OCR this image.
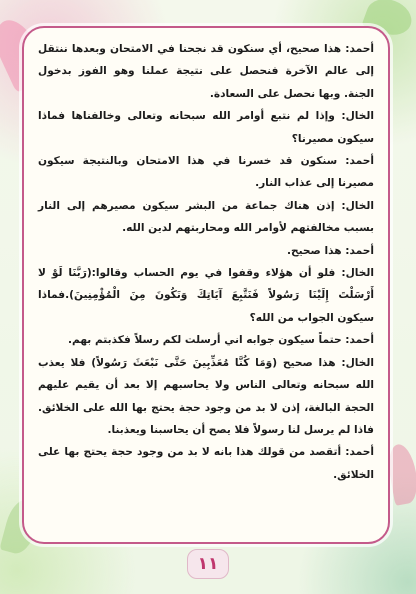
أحمد: هذا صحيح، أي سنكون قد نجحنا في الامتحان وبعدها ننتقل إلى عالم الآخرة فنحصل على نتيجة عملنا وهو الفوز بدخول الجنة. وبها نحصل على السعادة.

الخال: وإذا لم نتبع أوامر الله سبحانه وتعالى وخالفناها فماذا سيكون مصيرنا؟

أحمد: سنكون قد خسرنا في هذا الامتحان وبالنتيجة سيكون مصيرنا إلى عذاب النار.

الخال: إذن هناك جماعة من البشر سيكون مصيرهم إلى النار بسبب مخالفتهم لأوامر الله ومحاربتهم لدين الله.

أحمد: هذا صحيح.

الخال: فلو أن هؤلاء وقفوا في يوم الحساب وقالوا:(رَبَّنَا لَوْ لا أَرْسَلْتَ إِلَيْنَا رَسُولاً فَنَتَّبِعَ آيَاتِكَ وَنَكُونَ مِنَ الْمُؤْمِنِينَ).فماذا سيكون الجواب من الله؟

أحمد: حتماً سيكون جوابه اني أرسلت لكم رسلاً فكذبتم بهم.

الخال: هذا صحيح (وَمَا كُنَّا مُعَذِّبِينَ حَتَّى نَبْعَثَ رَسُولاً) فلا يعذب الله سبحانه وتعالى الناس ولا يحاسبهم إلا بعد أن يقيم عليهم الحجة البالغة، إذن لا بد من وجود حجة يحتج بها الله على الخلائق. فاذا لم يرسل لنا رسولاً فلا يصح أن يحاسبنا ويعذبنا.

أحمد: أتقصد من قولك هذا بانه لا بد من وجود حجة يحتج بها على الخلائق.

١١
